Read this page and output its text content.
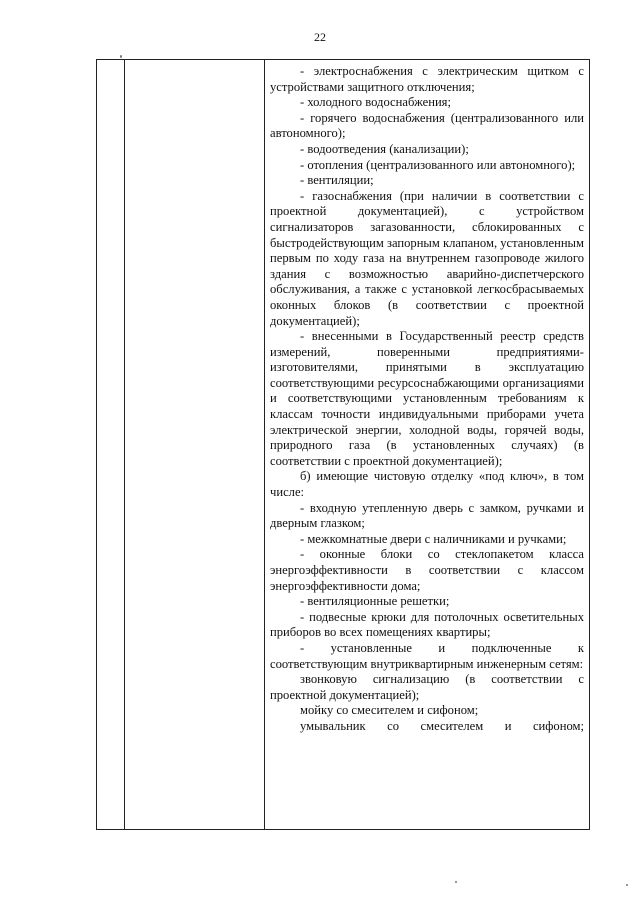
22

- электроснабжения с электрическим щитком с устройствами защитного отключения;

- холодного водоснабжения;

- горячего водоснабжения (централизованного или автономного);

- водоотведения (канализации);

- отопления (централизованного или автономного);

- вентиляции;

- газоснабжения (при наличии в соответствии с проектной документацией), с устройством сигнализаторов загазованности, сблокированных с быстродействующим запорным клапаном, установленным первым по ходу газа на внутреннем газопроводе жилого здания с возможностью аварийно-диспетчерского обслуживания, а также с установкой легкосбрасываемых оконных блоков (в соответствии с проектной документацией);

- внесенными в Государственный реестр средств измерений, поверенными предприятиями-изготовителями, принятыми в эксплуатацию соответствующими ресурсоснабжающими организациями и соответствующими установленным требованиям к классам точности индивидуальными приборами учета электрической энергии, холодной воды, горячей воды, природного газа (в установленных случаях) (в соответствии с проектной документацией);

б) имеющие чистовую отделку «под ключ», в том числе:

- входную утепленную дверь с замком, ручками и дверным глазком;

- межкомнатные двери с наличниками и ручками;

- оконные блоки со стеклопакетом класса энергоэффективности в соответствии с классом энергоэффективности дома;

- вентиляционные решетки;

- подвесные крюки для потолочных осветительных приборов во всех помещениях квартиры;

- установленные и подключенные к соответствующим внутриквартирным инженерным сетям:

звонковую сигнализацию (в соответствии с проектной документацией);

мойку со смесителем и сифоном;

умывальник со смесителем и сифоном;
